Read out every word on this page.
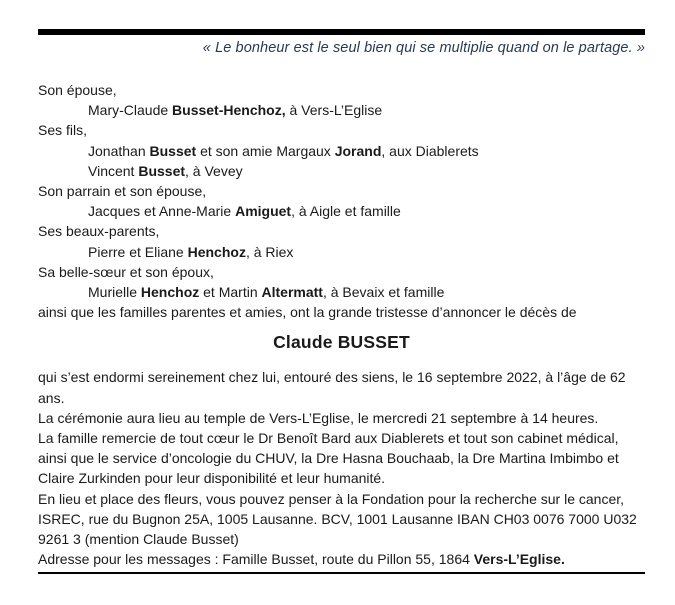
« Le bonheur est le seul bien qui se multiplie quand on le partage. »
Son épouse,
Mary-Claude Busset-Henchoz, à Vers-L’Eglise
Ses fils,
Jonathan Busset et son amie Margaux Jorand, aux Diablerets
Vincent Busset, à Vevey
Son parrain et son épouse,
Jacques et Anne-Marie Amiguet, à Aigle et famille
Ses beaux-parents,
Pierre et Eliane Henchoz, à Riex
Sa belle-sœur et son époux,
Murielle Henchoz et Martin Altermatt, à Bevaix et famille
ainsi que les familles parentes et amies, ont la grande tristesse d’annoncer le décès de
Claude BUSSET
qui s’est endormi sereinement chez lui, entouré des siens, le 16 septembre 2022, à l’âge de 62 ans.
La cérémonie aura lieu au temple de Vers-L’Eglise, le mercredi 21 septembre à 14 heures.
La famille remercie de tout cœur le Dr Benoît Bard aux Diablerets et tout son cabinet médical, ainsi que le service d’oncologie du CHUV, la Dre Hasna Bouchaab, la Dre Martina Imbimbo et Claire Zurkinden pour leur disponibilité et leur humanité.
En lieu et place des fleurs, vous pouvez penser à la Fondation pour la recherche sur le cancer,  ISREC, rue du Bugnon 25A, 1005 Lausanne. BCV, 1001 Lausanne IBAN CH03 0076 7000 U032 9261 3 (mention Claude Busset)
Adresse pour les messages : Famille Busset, route du Pillon 55, 1864 Vers-L’Eglise.
